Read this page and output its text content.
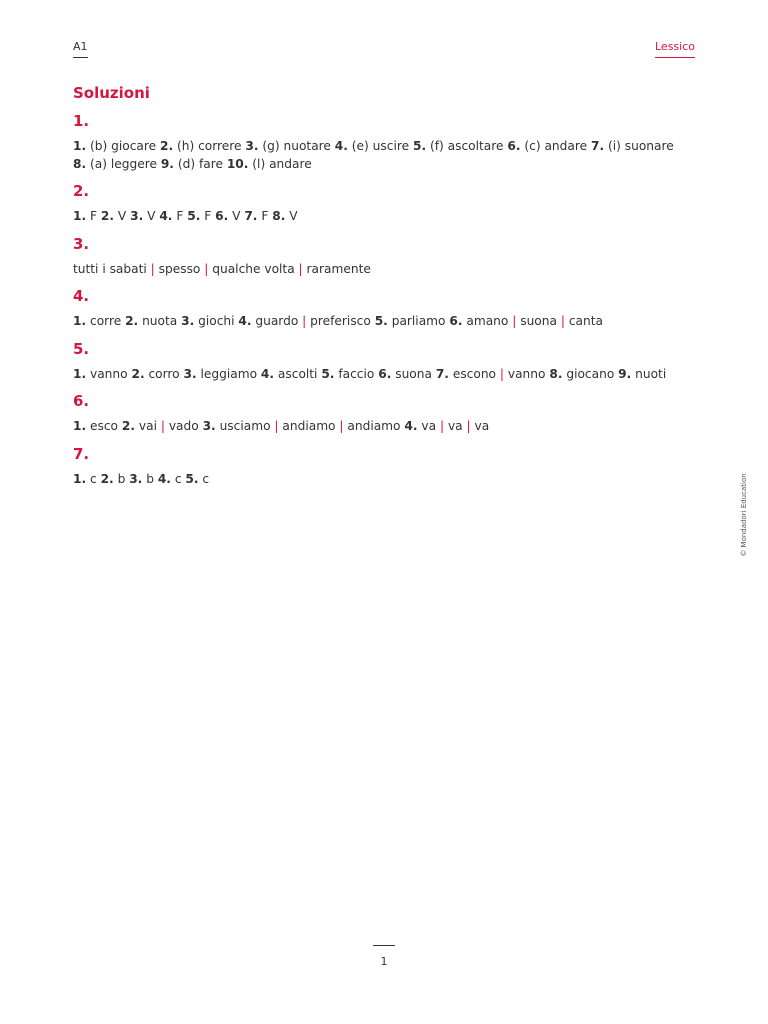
A1	Lessico
Soluzioni
1.
1. (b) giocare 2. (h) correre 3. (g) nuotare 4. (e) uscire 5. (f) ascoltare 6. (c) andare 7. (i) suonare 8. (a) leggere 9. (d) fare 10. (l) andare
2.
1. F 2. V 3. V 4. F 5. F 6. V 7. F 8. V
3.
tutti i sabati | spesso | qualche volta | raramente
4.
1. corre 2. nuota 3. giochi 4. guardo | preferisco 5. parliamo 6. amano | suona | canta
5.
1. vanno 2. corro 3. leggiamo 4. ascolti 5. faccio 6. suona 7. escono | vanno 8. giocano 9. nuoti
6.
1. esco 2. vai | vado 3. usciamo | andiamo | andiamo 4. va | va | va
7.
1. c 2. b 3. b 4. c 5. c	© Mondadori Education
1
